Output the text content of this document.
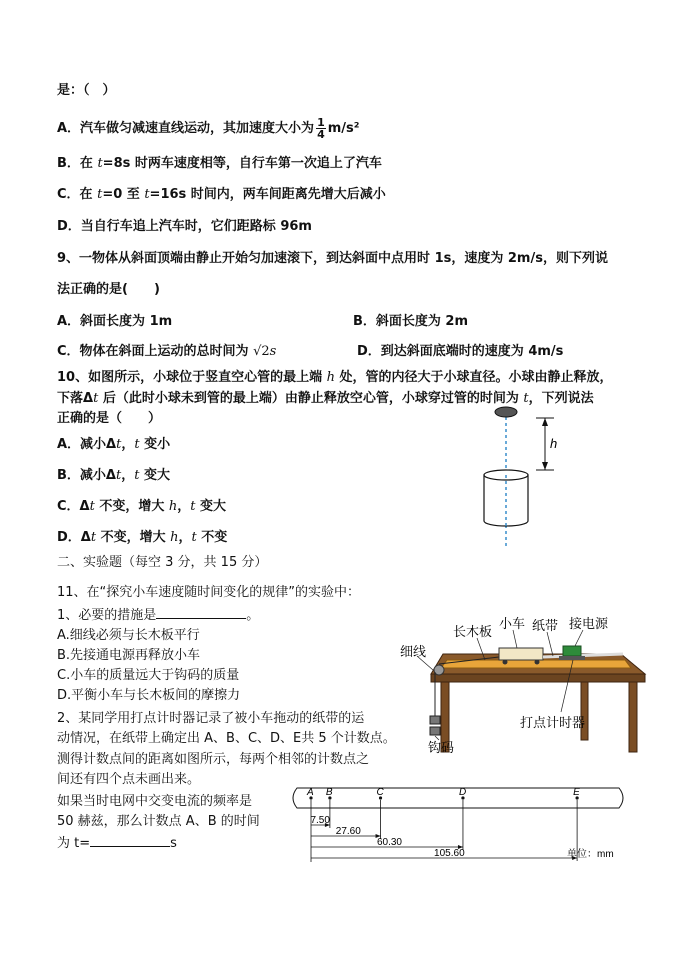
是：（　）
A．汽车做匀减速直线运动，其加速度大小为 $\frac{1}{4} m/s^2$
B．在 t=8s 时两车速度相等，自行车第一次追上了汽车
C．在 t=0 至 t=16s 时间内，两车间距离先增大后减小
D．当自行车追上汽车时，它们距路标 96m
9、一物体从斜面顶端由静止开始匀加速滚下，到达斜面中点用时 1s，速度为 2m/s，则下列说
法正确的是(　　)
A．斜面长度为 1m	B．斜面长度为 2m
C．物体在斜面上运动的总时间为 √2s	D．到达斜面底端时的速度为 4m/s
10、如图所示，小球位于竖直空心管的最上端 h 处，管的内径大于小球直径。小球由静止释放，
下落Δt 后（此时小球未到管的最上端）由静止释放空心管，小球穿过管的时间为 t，下列说法
正确的是（　　）
A．减小Δt，t 变小
B．减小Δt，t 变大
C．Δt 不变，增大 h，t 变大
D．Δt 不变，增大 h，t 不变
h
二、实验题（每空 3 分，共 15 分）
11、在“探究小车速度随时间变化的规律”的实验中：
1、必要的措施是	。
A.细线必须与长木板平行
B.先接通电源再释放小车
C.小车的质量远大于钩码的质量
D.平衡小车与长木板间的摩擦力
2、某同学用打点计时器记录了被小车拖动的纸带的运
动情况，在纸带上确定出 A、B、C、D、E共 5 个计数点。
测得计数点间的距离如图所示，每两个相邻的计数点之
间还有四个点未画出来。
如果当时电网中交变电流的频率是
50 赫兹，那么计数点 A、B 的时间
为 t=	s
小车 纸带 接电源
长木板
细线
打点计时器
钩码
A B	C	D	E
7.50
27.60
60.30
105.60	单位：mm
